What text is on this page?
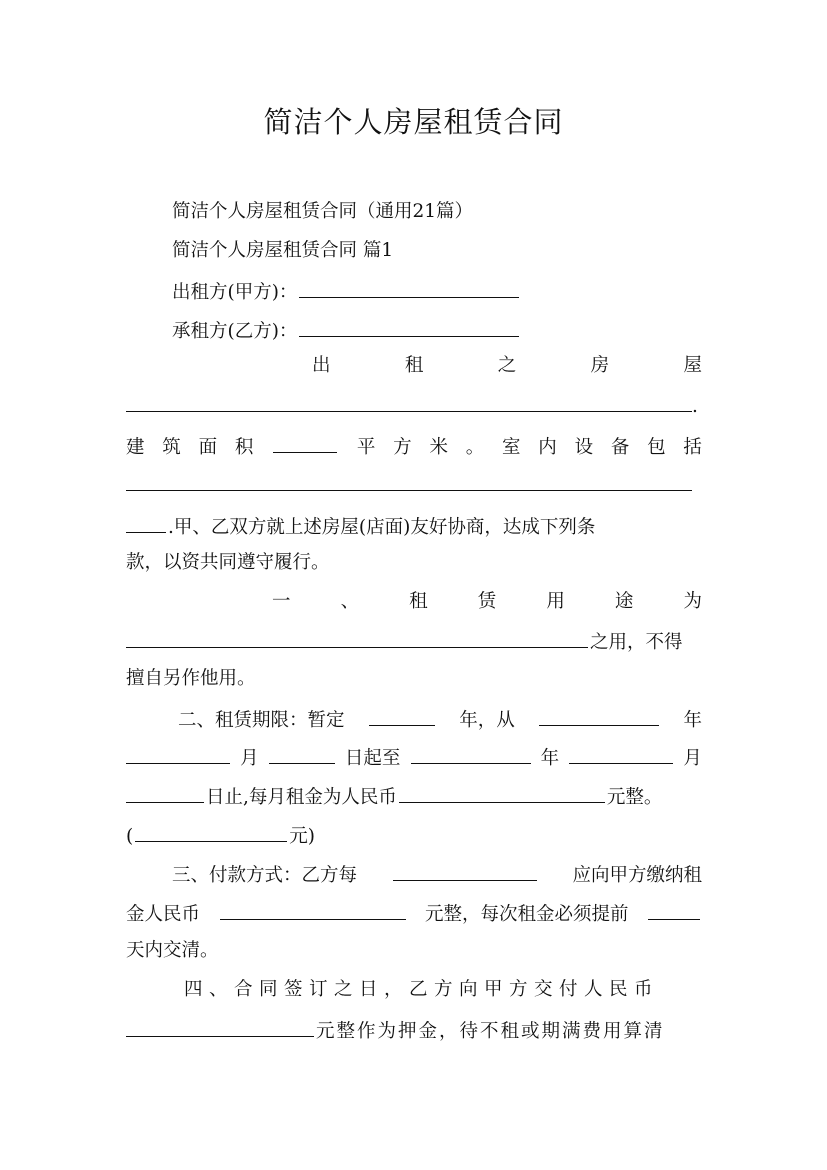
简洁个人房屋租赁合同
简洁个人房屋租赁合同（通用21篇）
简洁个人房屋租赁合同 篇1
出租方(甲方)：
承租方(乙方)：
出	租	之	房	屋
.
建 筑 面 积	平 方 米 。 室 内 设 备 包 括
.甲、乙双方就上述房屋(店面)友好协商，达成下列条
款，以资共同遵守履行。
一	、	租	赁	用	途	为
之用，不得
擅自另作他用。
二、租赁期限：暂定	年，从	年
月	日起至	年	月
日止,每月租金为人民币	元整。
(	元)
三、付款方式：乙方每	应向甲方缴纳租
金人民币	元整，每次租金必须提前
天内交清。
四、合同签订之日，乙方向甲方交付人民币
元整作为押金，待不租或期满费用算清
